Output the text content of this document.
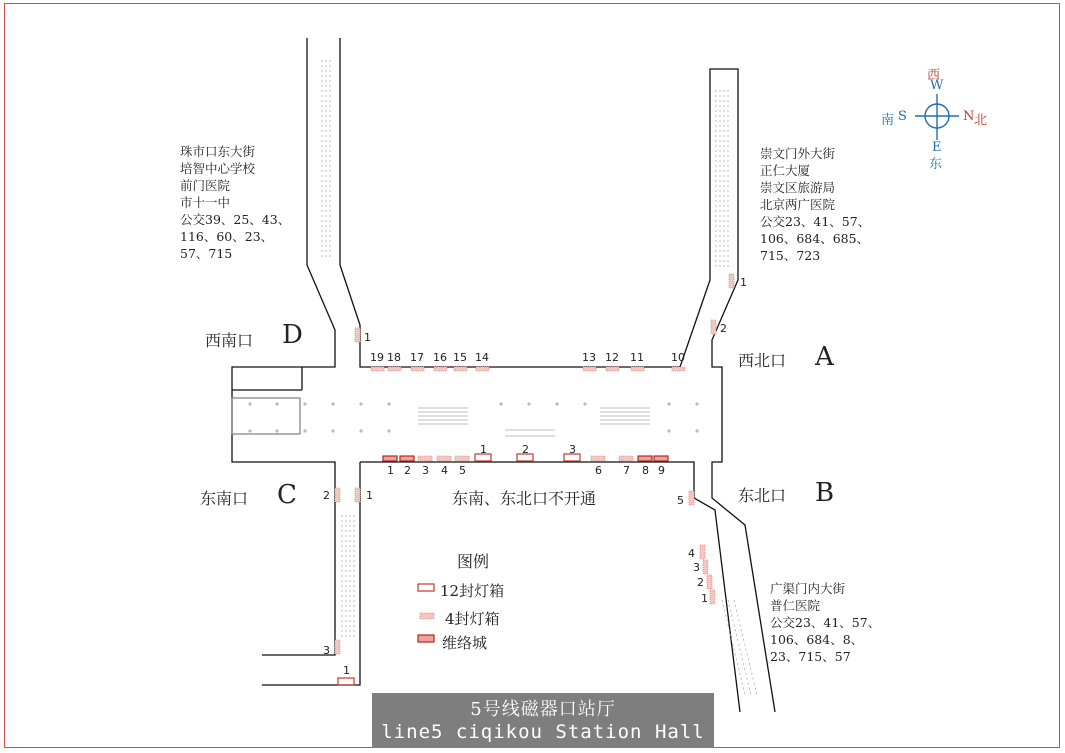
西
W
南 S	N 北
E
东
珠市口东大街
培智中心学校
前门医院
市十一中
公交39、25、43、
116、60、23、
57、715
崇文门外大街
正仁大厦
崇文区旅游局
北京两广医院
公交23、41、57、
106、684、685、
715、723
广渠门内大街
普仁医院
公交23、41、57、
106、684、8、
23、715、57
西南口 D
西北口 A
东南口 C	东北口 B
东南、东北口不开通
图例
12封灯箱
4封灯箱
维络城
5号线磁器口站厅
line5 ciqikou Station Hall
19 18 17 16 15 14	13 12 11 10
1 2 3 4 5	6 7 8 9
1	2	3
1
1
2
2	1
3
1
5
4
3
2
1
